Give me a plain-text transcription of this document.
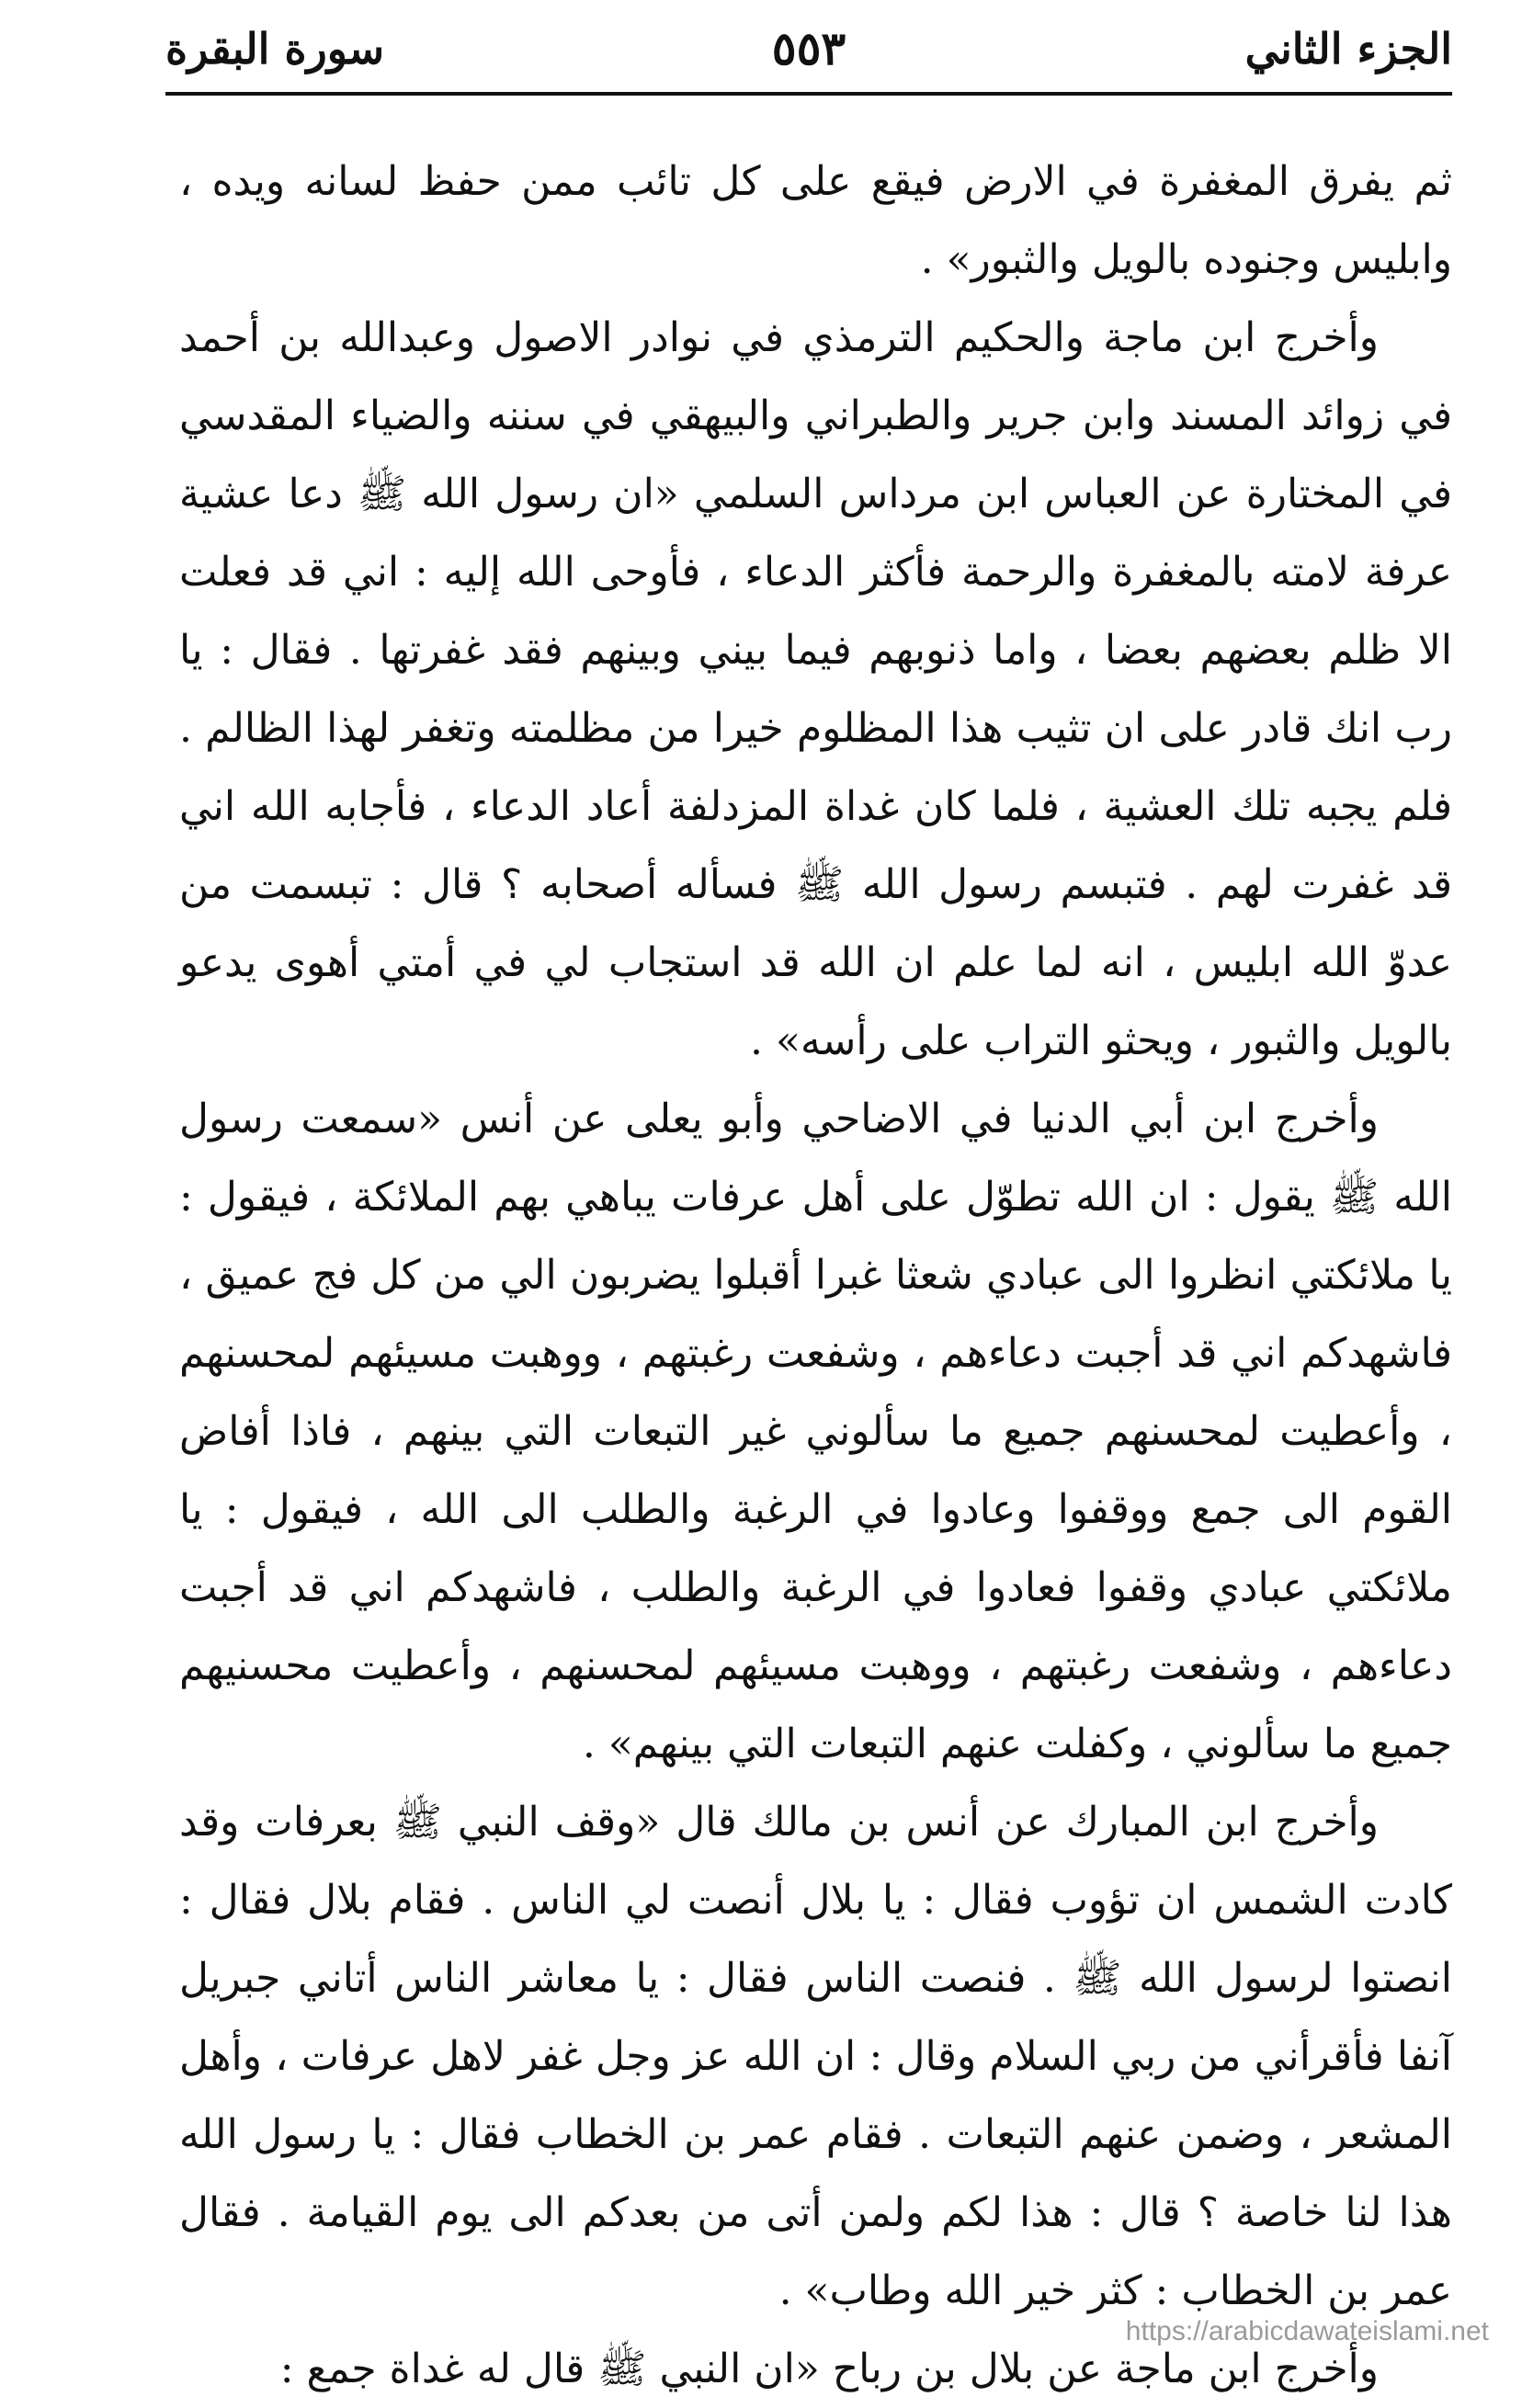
الجزء الثاني
٥٥٣
سورة البقرة

ثم يفرق المغفرة في الارض فيقع على كل تائب ممن حفظ لسانه ويده ، وابليس وجنوده بالويل والثبور» .

وأخرج ابن ماجة والحكيم الترمذي في نوادر الاصول وعبدالله بن أحمد في زوائد المسند وابن جرير والطبراني والبيهقي في سننه والضياء المقدسي في المختارة عن العباس ابن مرداس السلمي «ان رسول الله ﷺ دعا عشية عرفة لامته بالمغفرة والرحمة فأكثر الدعاء ، فأوحى الله إليه : اني قد فعلت الا ظلم بعضهم بعضا ، واما ذنوبهم فيما بيني وبينهم فقد غفرتها . فقال : يا رب انك قادر على ان تثيب هذا المظلوم خيرا من مظلمته وتغفر لهذا الظالم . فلم يجبه تلك العشية ، فلما كان غداة المزدلفة أعاد الدعاء ، فأجابه الله اني قد غفرت لهم . فتبسم رسول الله ﷺ فسأله أصحابه ؟ قال : تبسمت من عدوّ الله ابليس ، انه لما علم ان الله قد استجاب لي في أمتي أهوى يدعو بالويل والثبور ، ويحثو التراب على رأسه» .

وأخرج ابن أبي الدنيا في الاضاحي وأبو يعلى عن أنس «سمعت رسول الله ﷺ يقول : ان الله تطوّل على أهل عرفات يباهي بهم الملائكة ، فيقول : يا ملائكتي انظروا الى عبادي شعثا غبرا أقبلوا يضربون الي من كل فج عميق ، فاشهدكم اني قد أجبت دعاءهم ، وشفعت رغبتهم ، ووهبت مسيئهم لمحسنهم ، وأعطيت لمحسنهم جميع ما سألوني غير التبعات التي بينهم ، فاذا أفاض القوم الى جمع ووقفوا وعادوا في الرغبة والطلب الى الله ، فيقول : يا ملائكتي عبادي وقفوا فعادوا في الرغبة والطلب ، فاشهدكم اني قد أجبت دعاءهم ، وشفعت رغبتهم ، ووهبت مسيئهم لمحسنهم ، وأعطيت محسنيهم جميع ما سألوني ، وكفلت عنهم التبعات التي بينهم» .

وأخرج ابن المبارك عن أنس بن مالك قال «وقف النبي ﷺ بعرفات وقد كادت الشمس ان تؤوب فقال : يا بلال أنصت لي الناس . فقام بلال فقال : انصتوا لرسول الله ﷺ . فنصت الناس فقال : يا معاشر الناس أتاني جبريل آنفا فأقرأني من ربي السلام وقال : ان الله عز وجل غفر لاهل عرفات ، وأهل المشعر ، وضمن عنهم التبعات . فقام عمر بن الخطاب فقال : يا رسول الله هذا لنا خاصة ؟ قال : هذا لكم ولمن أتى من بعدكم الى يوم القيامة . فقال عمر بن الخطاب : كثر خير الله وطاب» .

وأخرج ابن ماجة عن بلال بن رباح «ان النبي ﷺ قال له غداة جمع :

https://arabicdawateislami.net
